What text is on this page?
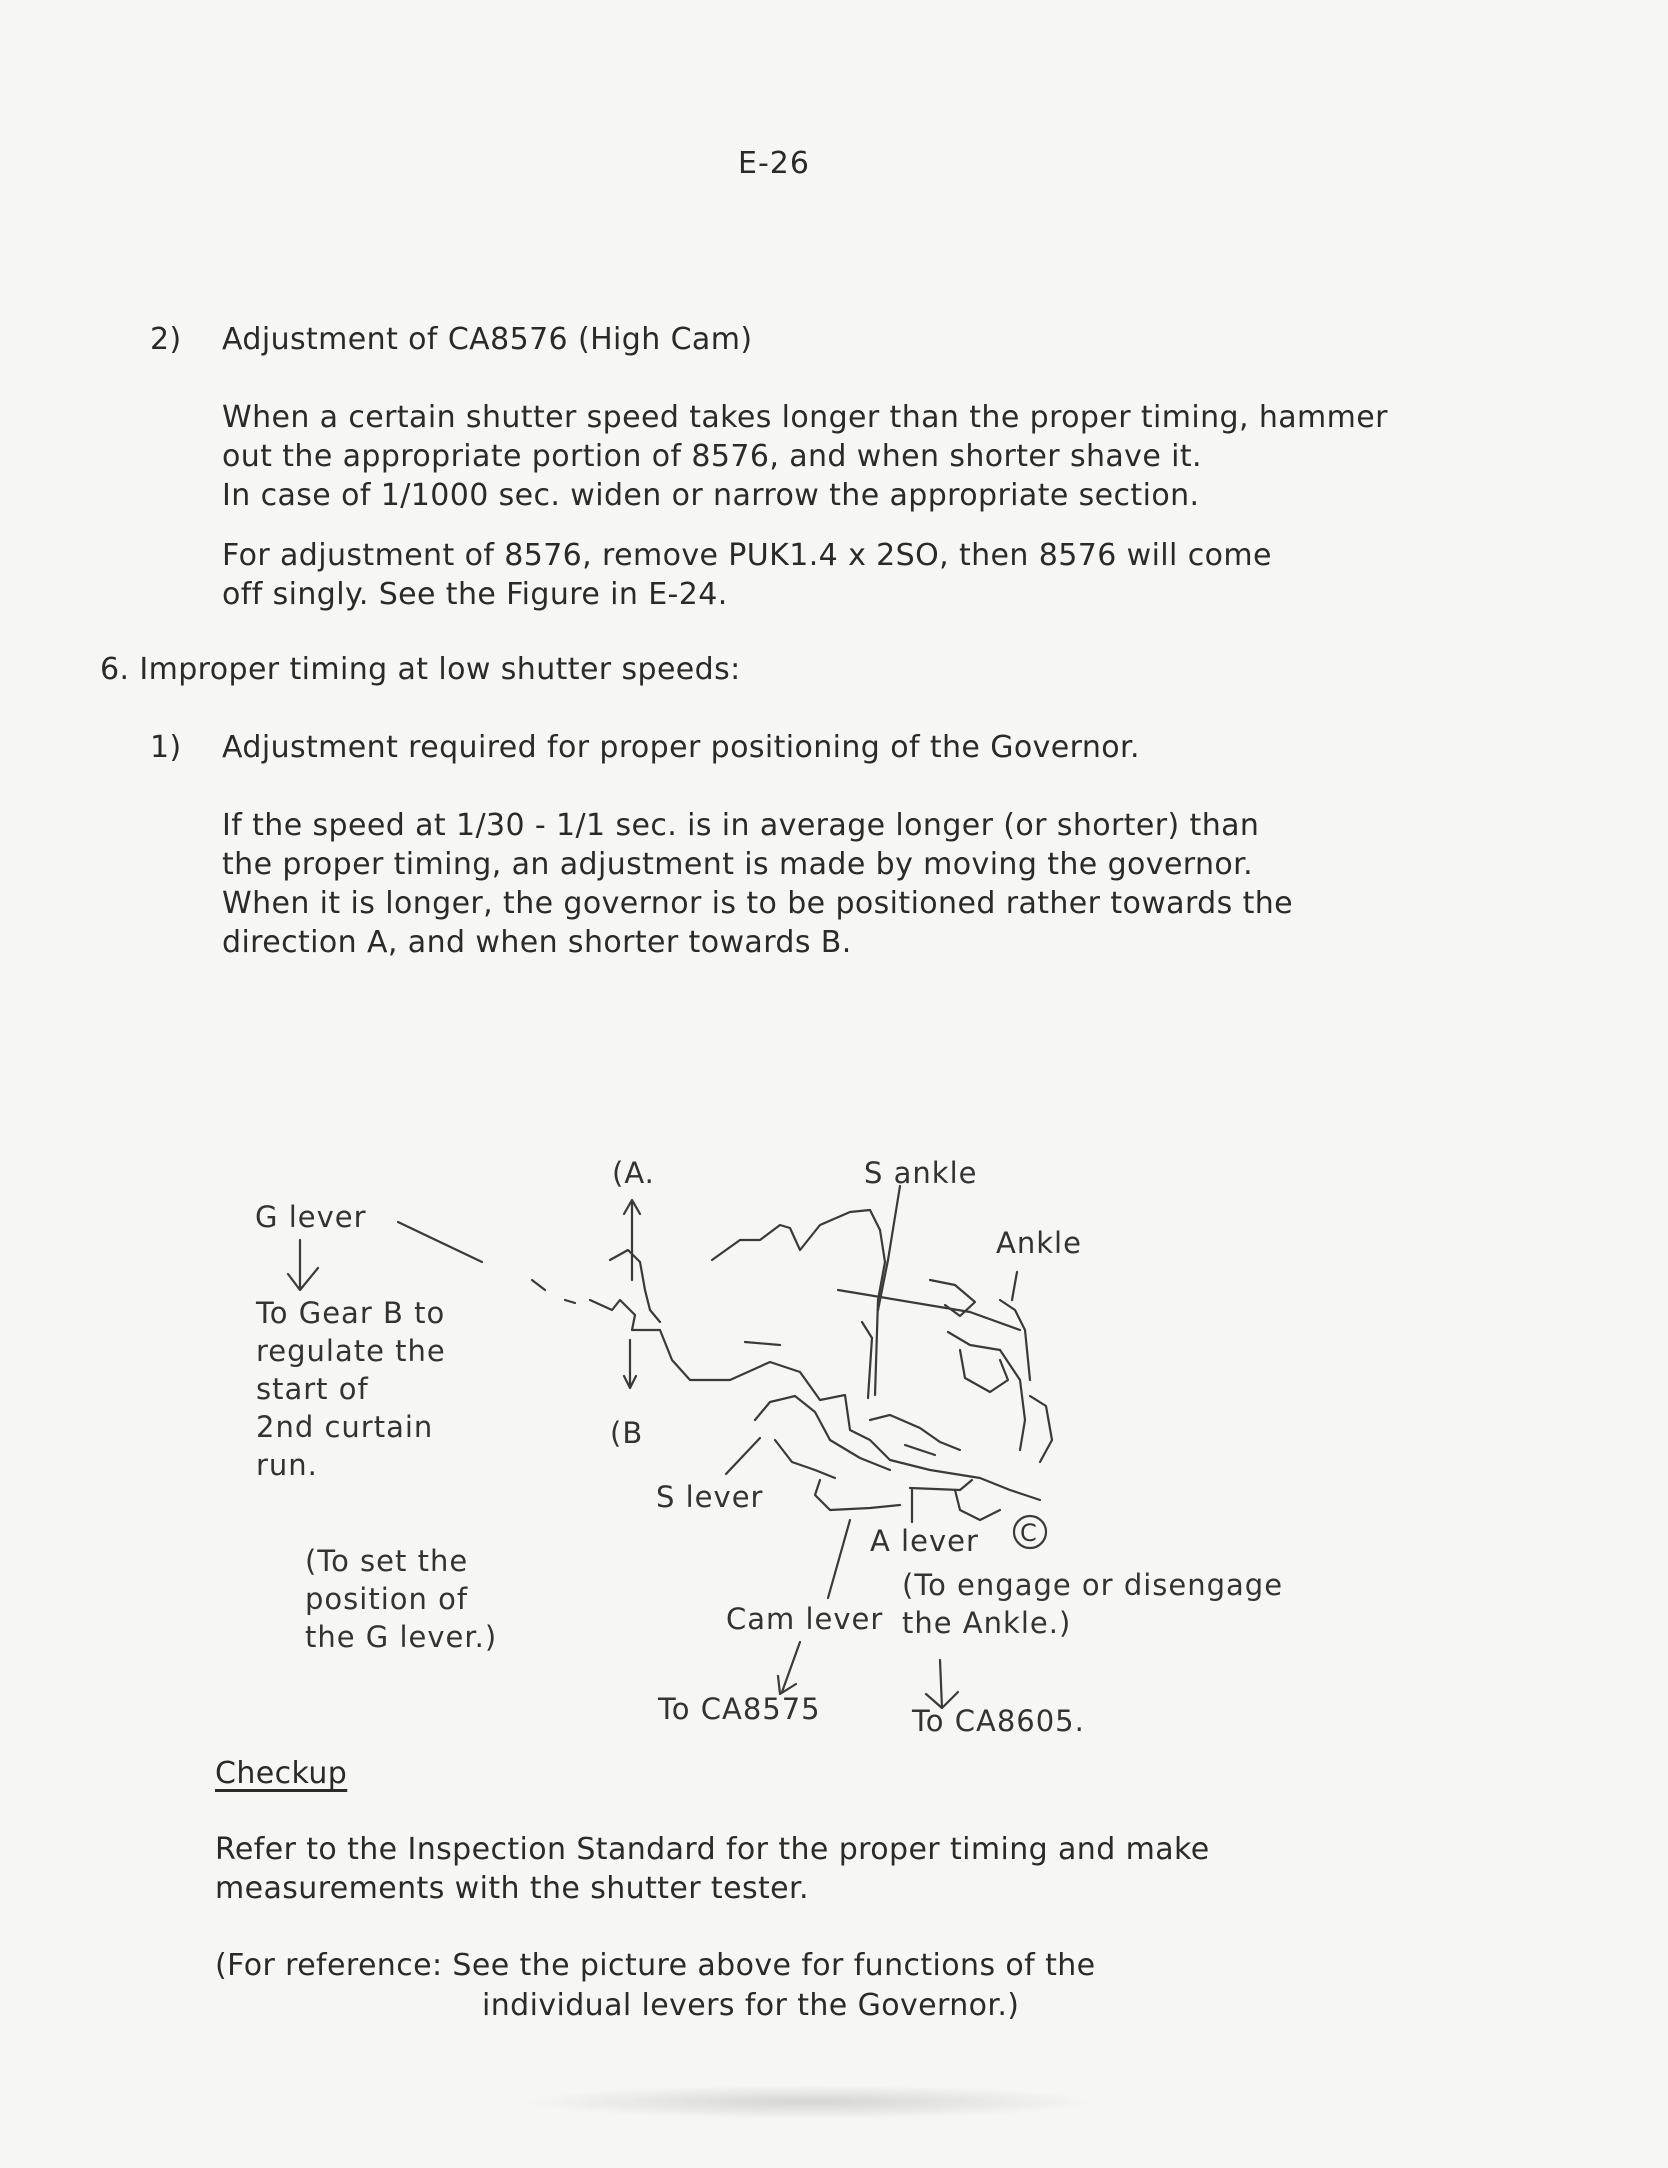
E-26
2) Adjustment of CA8576 (High Cam)
When a certain shutter speed takes longer than the proper timing, hammer
out the appropriate portion of 8576, and when shorter shave it.
In case of 1/1000 sec. widen or narrow the appropriate section.
For adjustment of 8576, remove PUK1.4 x 2SO, then 8576 will come
off singly. See the Figure in E-24.
6. Improper timing at low shutter speeds:
1) Adjustment required for proper positioning of the Governor.
If the speed at 1/30 - 1/1 sec. is in average longer (or shorter) than
the proper timing, an adjustment is made by moving the governor.
When it is longer, the governor is to be positioned rather towards the
direction A, and when shorter towards B.
(A.
(B
C
G lever
To Gear B to
regulate the
start of
2nd curtain
run.
(To set the
position of
the G lever.)
S ankle
Ankle
S lever
A lever
(To engage or disengage
the Ankle.)
Cam lever
To CA8575	To CA8605.
Checkup
Refer to the Inspection Standard for the proper timing and make
measurements with the shutter tester.
(For reference: See the picture above for functions of the
individual levers for the Governor.)
